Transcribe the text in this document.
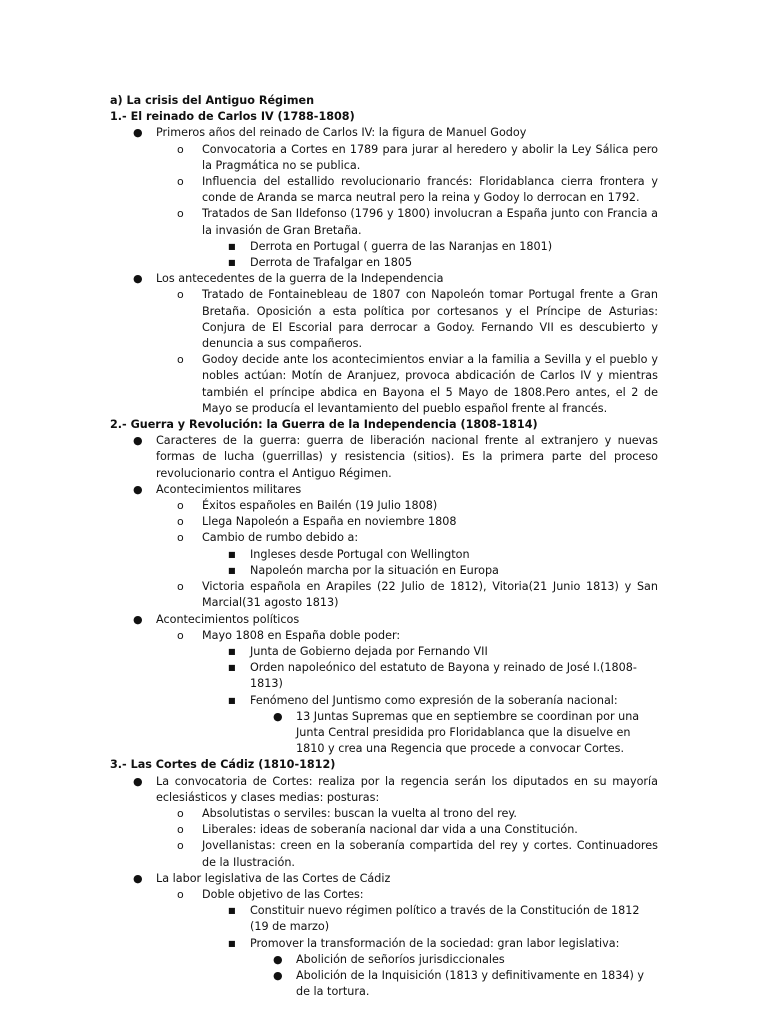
a) La crisis del Antiguo Régimen

1.- El reinado de Carlos IV (1788-1808)

● Primeros años del reinado de Carlos IV: la figura de Manuel Godoy
o Convocatoria a Cortes en 1789 para jurar al heredero y abolir la Ley Sálica pero la Pragmática no se publica.
o Influencia del estallido revolucionario francés: Floridablanca cierra frontera y conde de Aranda se marca neutral pero la reina y Godoy lo derrocan en 1792.
o Tratados de San Ildefonso (1796 y 1800) involucran a España junto con Francia a la invasión de Gran Bretaña.
■ Derrota en Portugal ( guerra de las Naranjas en 1801)
■ Derrota de Trafalgar en 1805
● Los antecedentes de la guerra de la Independencia
o Tratado de Fontainebleau de 1807 con Napoleón tomar Portugal frente a Gran Bretaña. Oposición a esta política por cortesanos y el Príncipe de Asturias: Conjura de El Escorial para derrocar a Godoy. Fernando VII es descubierto y denuncia a sus compañeros.
o Godoy decide ante los acontecimientos enviar a la familia a Sevilla y el pueblo y nobles actúan: Motín de Aranjuez, provoca abdicación de Carlos IV y mientras también el príncipe abdica en Bayona el 5 Mayo de 1808.Pero antes, el 2 de Mayo se producía el levantamiento del pueblo español frente al francés.

2.- Guerra y Revolución: la Guerra de la Independencia (1808-1814)

● Caracteres de la guerra: guerra de liberación nacional frente al extranjero y nuevas formas de lucha (guerrillas) y resistencia (sitios). Es la primera parte del proceso revolucionario contra el Antiguo Régimen.
● Acontecimientos militares
o Éxitos españoles en Bailén (19 Julio 1808)
o Llega Napoleón a España en noviembre 1808
o Cambio de rumbo debido a:
■ Ingleses desde Portugal con Wellington
■ Napoleón marcha por la situación en Europa
o Victoria española en Arapiles (22 Julio de 1812), Vitoria(21 Junio 1813) y San Marcial(31 agosto 1813)
● Acontecimientos políticos
o Mayo 1808 en España doble poder:
■ Junta de Gobierno dejada por Fernando VII
■ Orden napoleónico del estatuto de Bayona y reinado de José I.(1808-1813)
■ Fenómeno del Juntismo como expresión de la soberanía nacional:
● 13 Juntas Supremas que en septiembre se coordinan por una Junta Central presidida pro Floridablanca que la disuelve en 1810 y crea una Regencia que procede a convocar Cortes.

3.- Las Cortes de Cádiz (1810-1812)

● La convocatoria de Cortes: realiza por la regencia serán los diputados en su mayoría eclesiásticos y clases medias: posturas:
o Absolutistas o serviles: buscan la vuelta al trono del rey.
o Liberales: ideas de soberanía nacional dar vida a una Constitución.
o Jovellanistas: creen en la soberanía compartida del rey y cortes. Continuadores de la Ilustración.
● La labor legislativa de las Cortes de Cádiz
o Doble objetivo de las Cortes:
■ Constituir nuevo régimen político a través de la Constitución de 1812 (19 de marzo)
■ Promover la transformación de la sociedad: gran labor legislativa:
● Abolición de señoríos jurisdiccionales
● Abolición de la Inquisición (1813 y definitivamente en 1834) y de la tortura.
